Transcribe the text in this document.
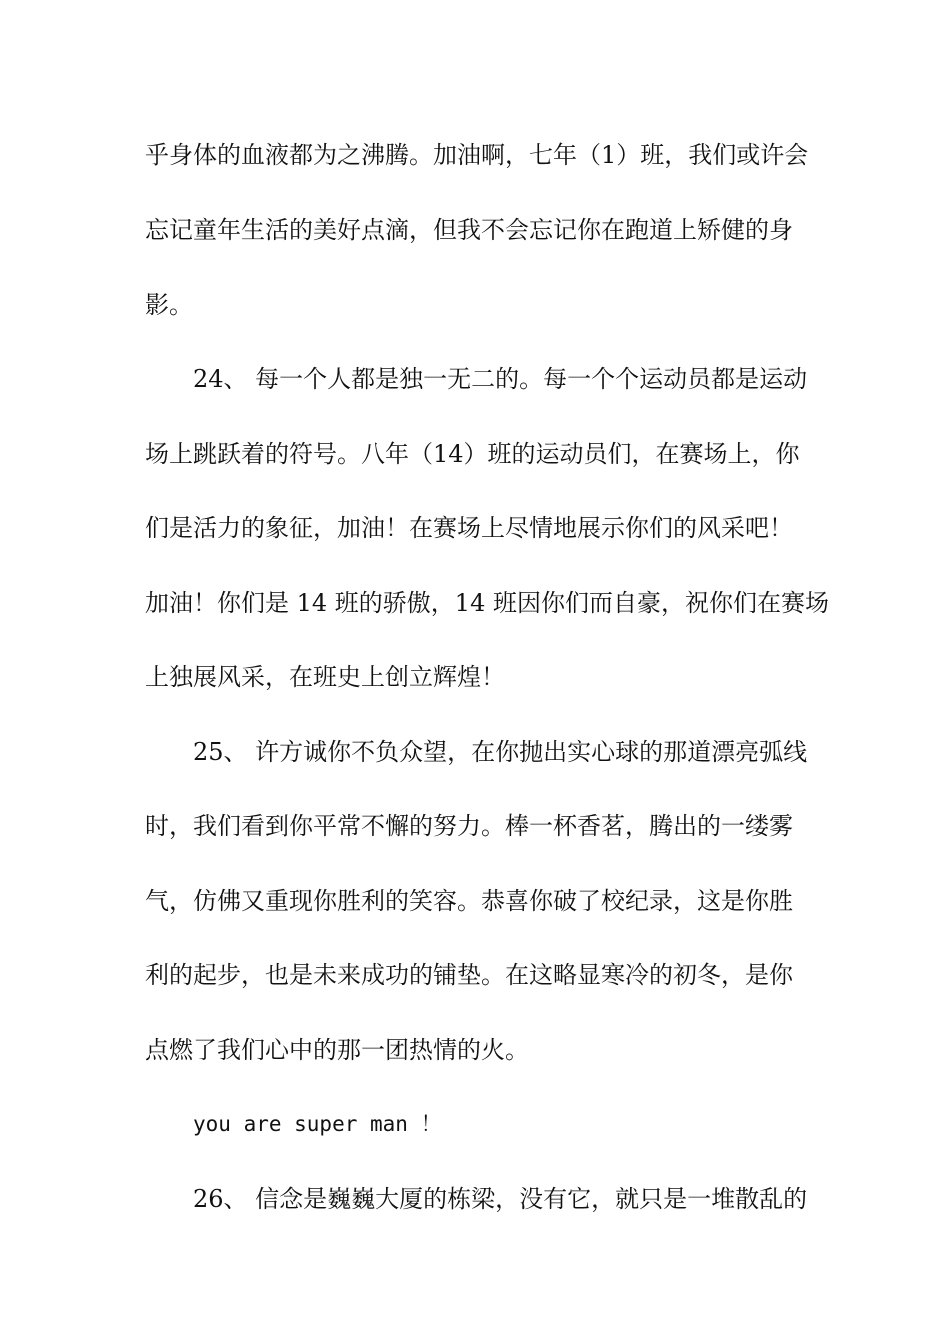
乎身体的血液都为之沸腾。加油啊，七年（1）班，我们或许会
忘记童年生活的美好点滴，但我不会忘记你在跑道上矫健的身
影。
24、 每一个人都是独一无二的。每一个个运动员都是运动
场上跳跃着的符号。八年（14）班的运动员们，在赛场上，你
们是活力的象征，加油！在赛场上尽情地展示你们的风采吧！
加油！你们是 14 班的骄傲，14 班因你们而自豪，祝你们在赛场
上独展风采，在班史上创立辉煌！
25、 许方诚你不负众望，在你抛出实心球的那道漂亮弧线
时，我们看到你平常不懈的努力。棒一杯香茗，腾出的一缕雾
气，仿佛又重现你胜利的笑容。恭喜你破了校纪录，这是你胜
利的起步，也是未来成功的铺垫。在这略显寒冷的初冬，是你
点燃了我们心中的那一团热情的火。
you are super man ！
26、 信念是巍巍大厦的栋梁，没有它，就只是一堆散乱的
